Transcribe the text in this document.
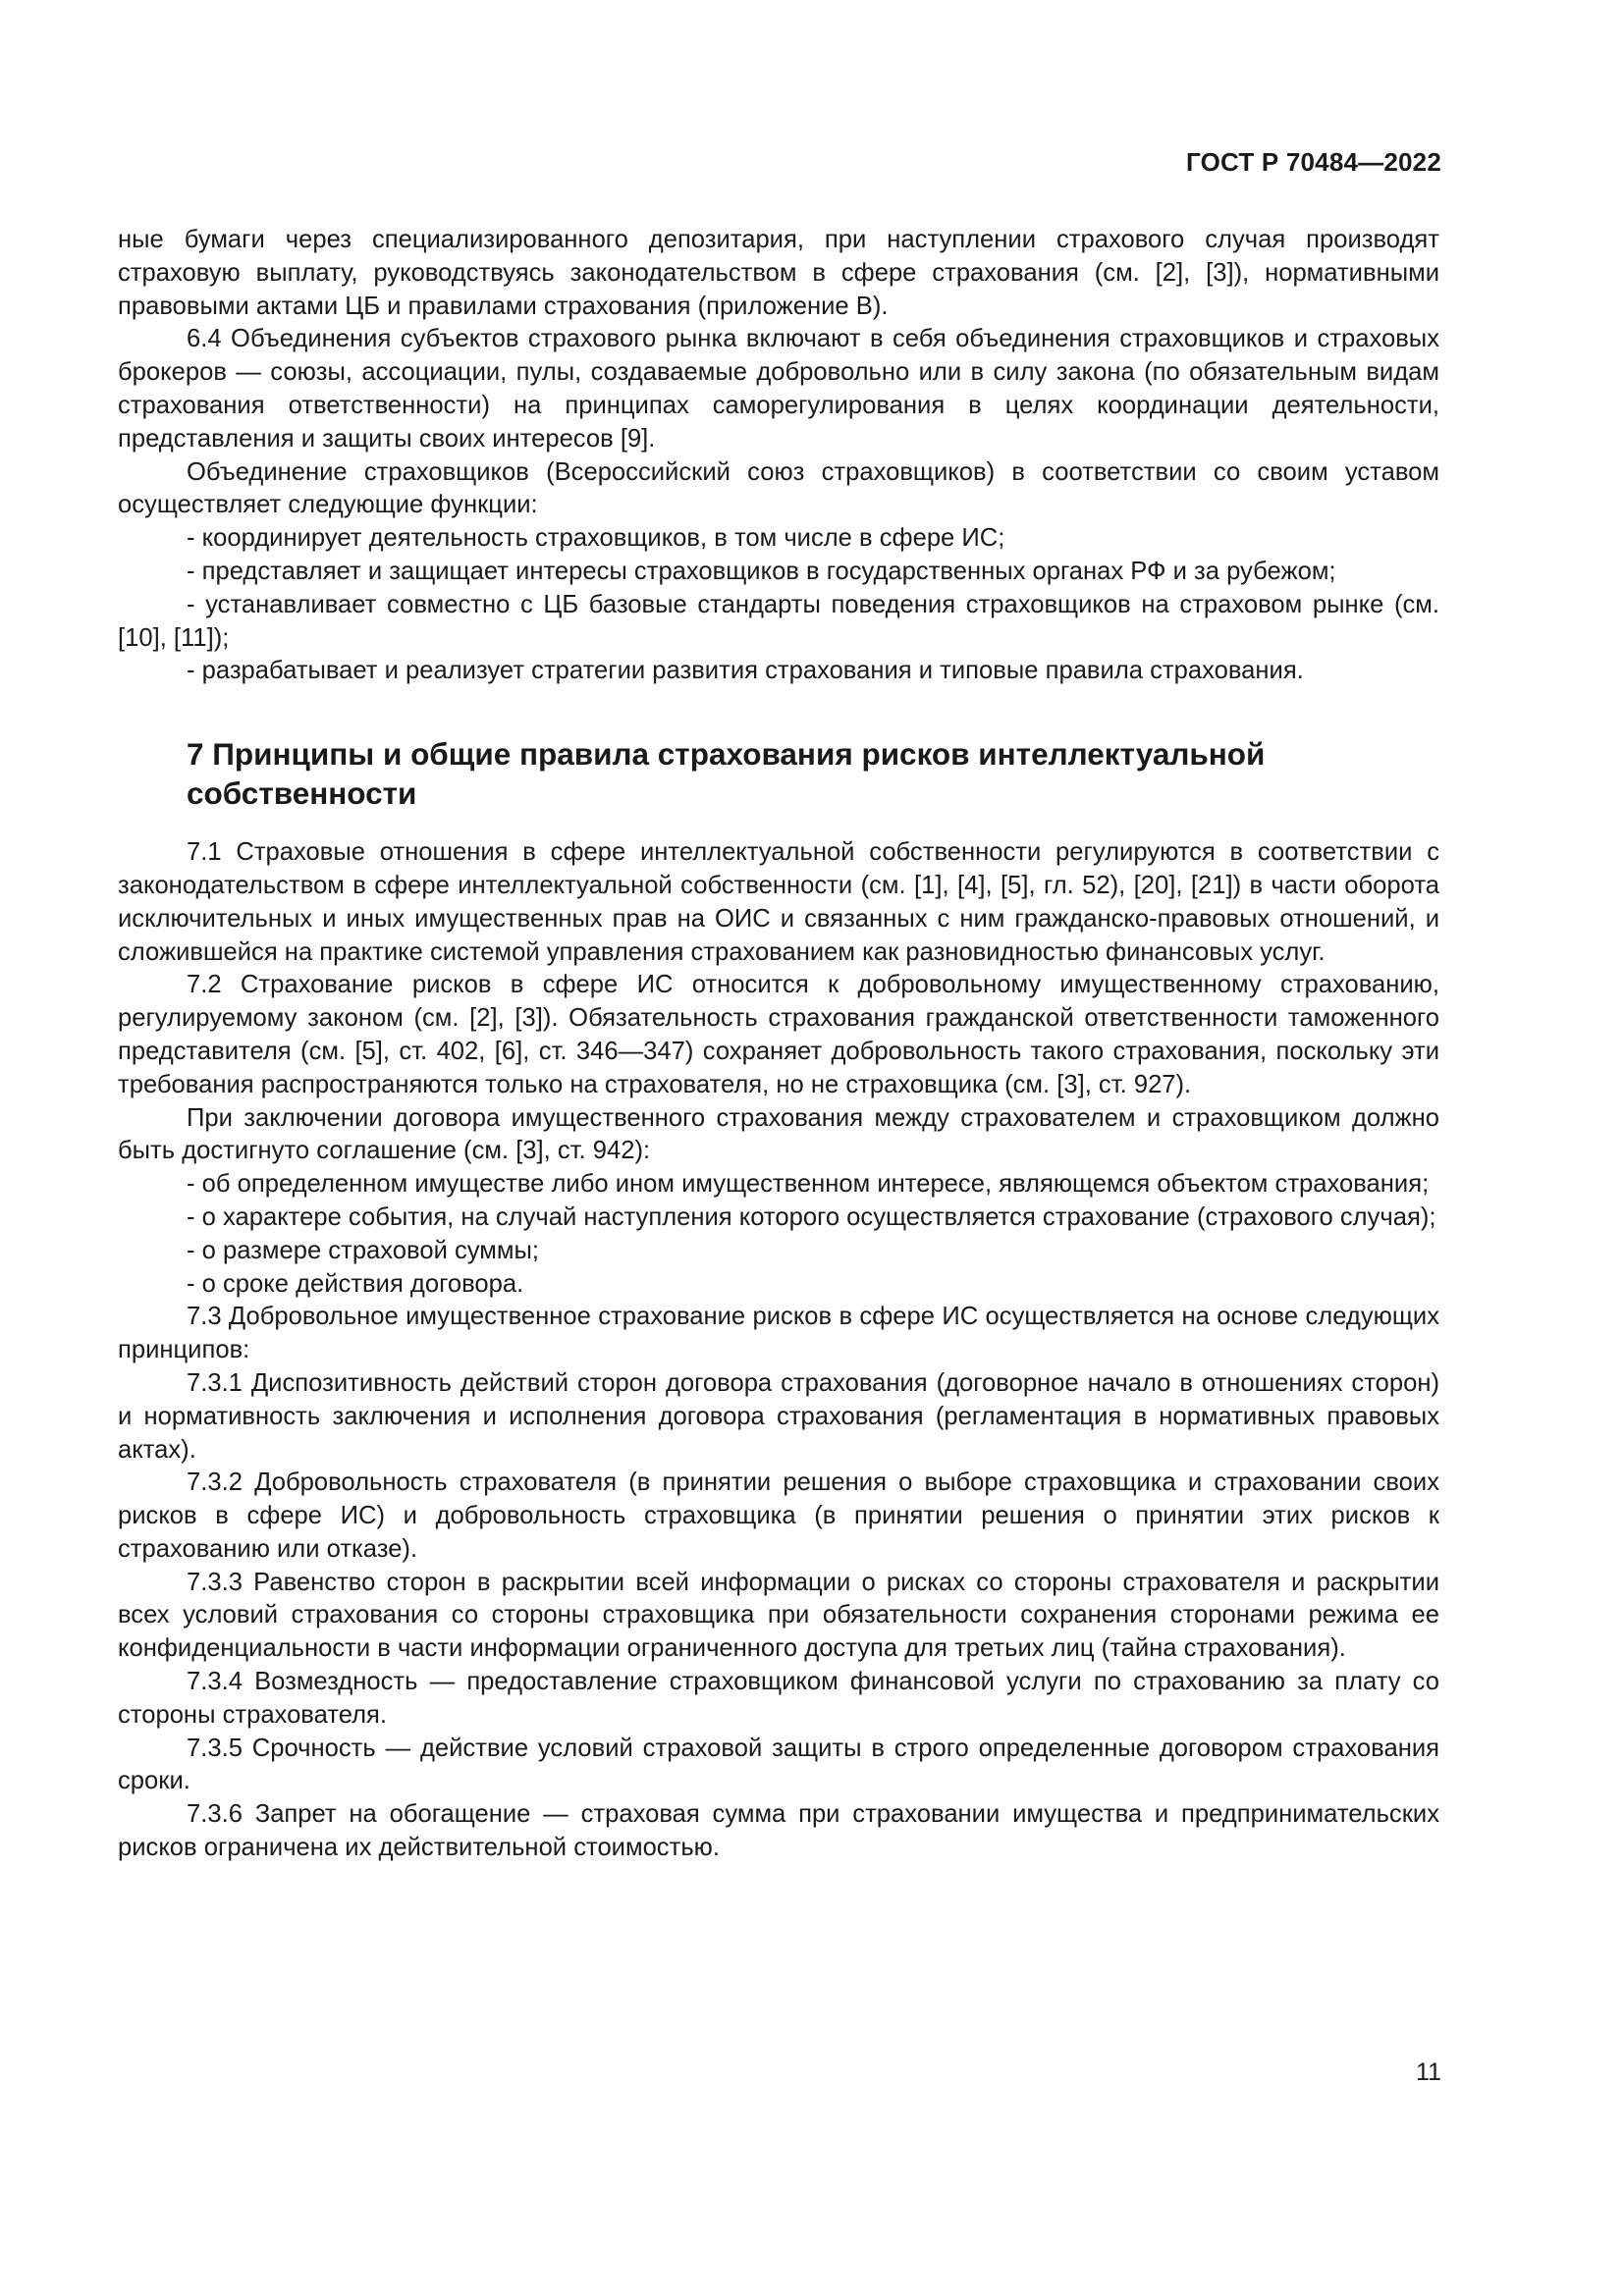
ГОСТ Р 70484—2022

ные бумаги через специализированного депозитария, при наступлении страхового случая производят страховую выплату, руководствуясь законодательством в сфере страхования (см. [2], [3]), нормативными правовыми актами ЦБ и правилами страхования (приложение В).

6.4 Объединения субъектов страхового рынка включают в себя объединения страховщиков и страховых брокеров — союзы, ассоциации, пулы, создаваемые добровольно или в силу закона (по обязательным видам страхования ответственности) на принципах саморегулирования в целях координации деятельности, представления и защиты своих интересов [9].

Объединение страховщиков (Всероссийский союз страховщиков) в соответствии со своим уставом осуществляет следующие функции:

- координирует деятельность страховщиков, в том числе в сфере ИС;

- представляет и защищает интересы страховщиков в государственных органах РФ и за рубежом;

- устанавливает совместно с ЦБ базовые стандарты поведения страховщиков на страховом рынке (см. [10], [11]);

- разрабатывает и реализует стратегии развития страхования и типовые правила страхования.

7 Принципы и общие правила страхования рисков интеллектуальной собственности

7.1 Страховые отношения в сфере интеллектуальной собственности регулируются в соответствии с законодательством в сфере интеллектуальной собственности (см. [1], [4], [5], гл. 52), [20], [21]) в части оборота исключительных и иных имущественных прав на ОИС и связанных с ним гражданско-правовых отношений, и сложившейся на практике системой управления страхованием как разновидностью финансовых услуг.

7.2 Страхование рисков в сфере ИС относится к добровольному имущественному страхованию, регулируемому законом (см. [2], [3]). Обязательность страхования гражданской ответственности таможенного представителя (см. [5], ст. 402, [6], ст. 346—347) сохраняет добровольность такого страхования, поскольку эти требования распространяются только на страхователя, но не страховщика (см. [3], ст. 927).

При заключении договора имущественного страхования между страхователем и страховщиком должно быть достигнуто соглашение (см. [3], ст. 942):

- об определенном имуществе либо ином имущественном интересе, являющемся объектом страхования;

- о характере события, на случай наступления которого осуществляется страхование (страхового случая);

- о размере страховой суммы;

- о сроке действия договора.

7.3 Добровольное имущественное страхование рисков в сфере ИС осуществляется на основе следующих принципов:

7.3.1 Диспозитивность действий сторон договора страхования (договорное начало в отношениях сторон) и нормативность заключения и исполнения договора страхования (регламентация в нормативных правовых актах).

7.3.2 Добровольность страхователя (в принятии решения о выборе страховщика и страховании своих рисков в сфере ИС) и добровольность страховщика (в принятии решения о принятии этих рисков к страхованию или отказе).

7.3.3 Равенство сторон в раскрытии всей информации о рисках со стороны страхователя и раскрытии всех условий страхования со стороны страховщика при обязательности сохранения сторонами режима ее конфиденциальности в части информации ограниченного доступа для третьих лиц (тайна страхования).

7.3.4 Возмездность — предоставление страховщиком финансовой услуги по страхованию за плату со стороны страхователя.

7.3.5 Срочность — действие условий страховой защиты в строго определенные договором страхования сроки.

7.3.6 Запрет на обогащение — страховая сумма при страховании имущества и предпринимательских рисков ограничена их действительной стоимостью.

11
